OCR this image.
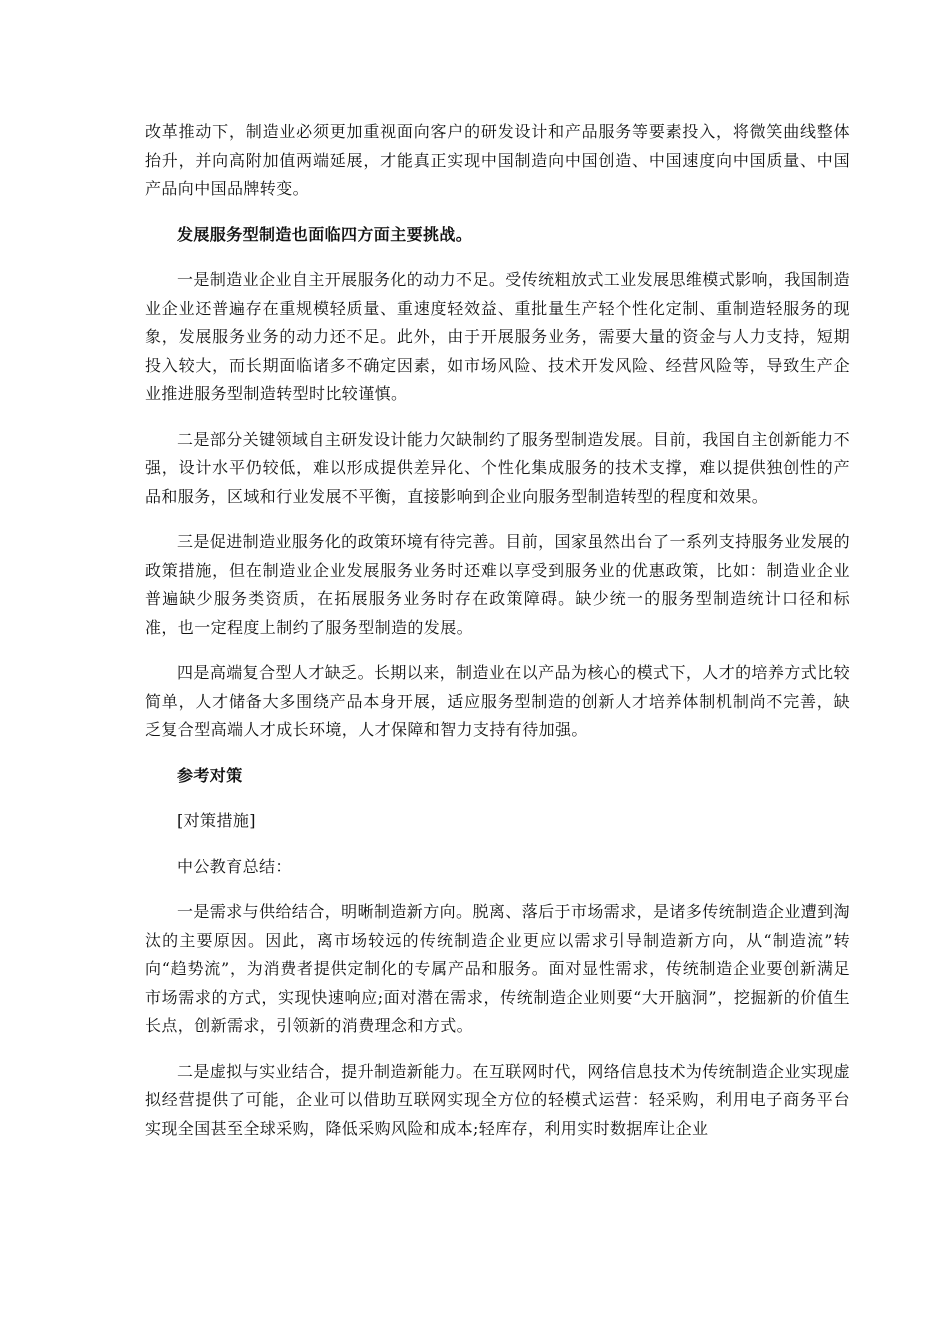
改革推动下，制造业必须更加重视面向客户的研发设计和产品服务等要素投入，将微笑曲线整体抬升，并向高附加值两端延展，才能真正实现中国制造向中国创造、中国速度向中国质量、中国产品向中国品牌转变。

发展服务型制造也面临四方面主要挑战。

一是制造业企业自主开展服务化的动力不足。受传统粗放式工业发展思维模式影响，我国制造业企业还普遍存在重规模轻质量、重速度轻效益、重批量生产轻个性化定制、重制造轻服务的现象，发展服务业务的动力还不足。此外，由于开展服务业务，需要大量的资金与人力支持，短期投入较大，而长期面临诸多不确定因素，如市场风险、技术开发风险、经营风险等，导致生产企业推进服务型制造转型时比较谨慎。

二是部分关键领域自主研发设计能力欠缺制约了服务型制造发展。目前，我国自主创新能力不强，设计水平仍较低，难以形成提供差异化、个性化集成服务的技术支撑，难以提供独创性的产品和服务，区域和行业发展不平衡，直接影响到企业向服务型制造转型的程度和效果。

三是促进制造业服务化的政策环境有待完善。目前，国家虽然出台了一系列支持服务业发展的政策措施，但在制造业企业发展服务业务时还难以享受到服务业的优惠政策，比如：制造业企业普遍缺少服务类资质，在拓展服务业务时存在政策障碍。缺少统一的服务型制造统计口径和标准，也一定程度上制约了服务型制造的发展。

四是高端复合型人才缺乏。长期以来，制造业在以产品为核心的模式下，人才的培养方式比较简单，人才储备大多围绕产品本身开展，适应服务型制造的创新人才培养体制机制尚不完善，缺乏复合型高端人才成长环境，人才保障和智力支持有待加强。

参考对策

[对策措施]

中公教育总结：

一是需求与供给结合，明晰制造新方向。脱离、落后于市场需求，是诸多传统制造企业遭到淘汰的主要原因。因此，离市场较远的传统制造企业更应以需求引导制造新方向，从“制造流”转向“趋势流”，为消费者提供定制化的专属产品和服务。面对显性需求，传统制造企业要创新满足市场需求的方式，实现快速响应;面对潜在需求，传统制造企业则要“大开脑洞”，挖掘新的价值生长点，创新需求，引领新的消费理念和方式。

二是虚拟与实业结合，提升制造新能力。在互联网时代，网络信息技术为传统制造企业实现虚拟经营提供了可能，企业可以借助互联网实现全方位的轻模式运营：轻采购，利用电子商务平台实现全国甚至全球采购，降低采购风险和成本;轻库存，利用实时数据库让企业
